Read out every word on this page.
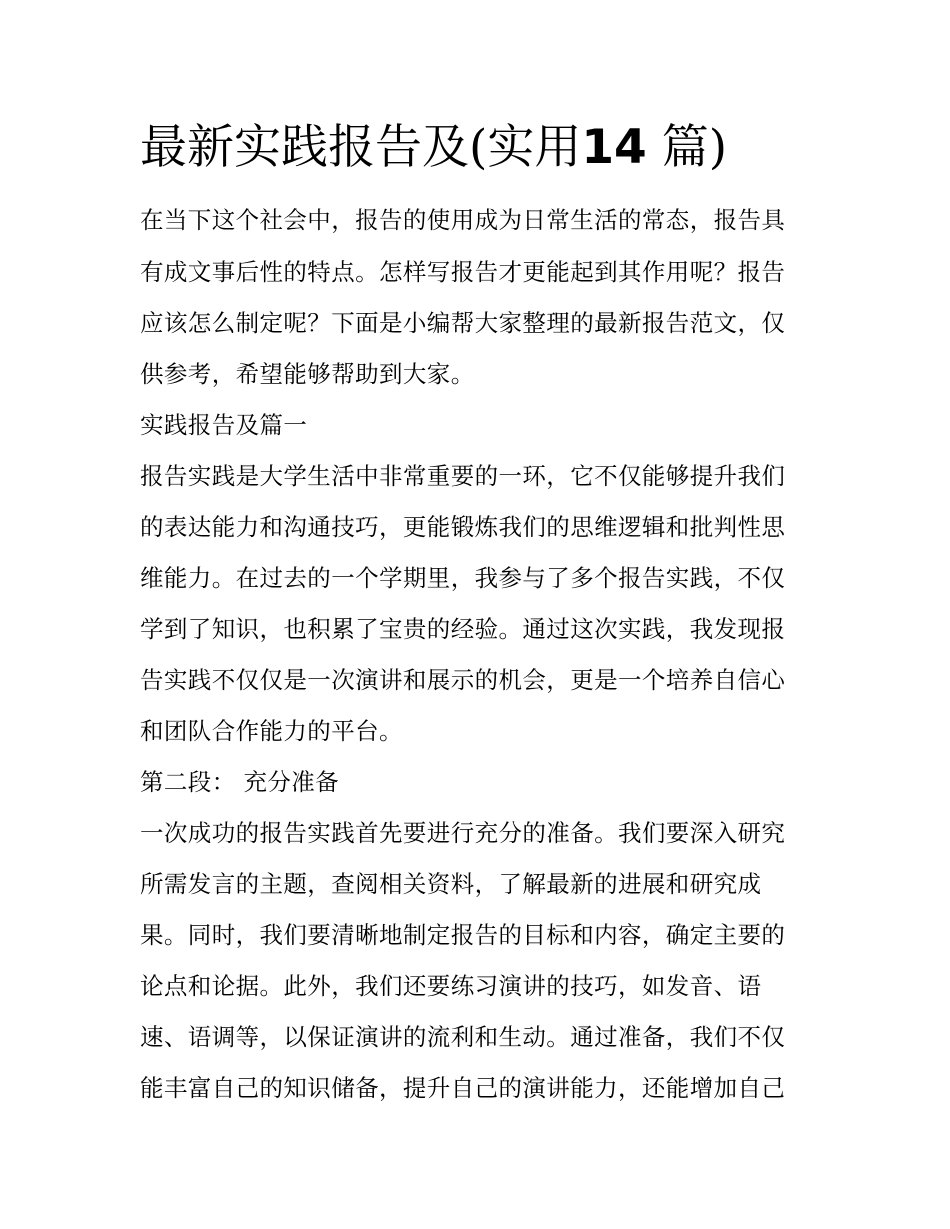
最新实践报告及(实用14 篇)

在当下这个社会中，报告的使用成为日常生活的常态，报告具

有成文事后性的特点。怎样写报告才更能起到其作用呢？报告

应该怎么制定呢？下面是小编帮大家整理的最新报告范文，仅

供参考，希望能够帮助到大家。

实践报告及篇一

报告实践是大学生活中非常重要的一环，它不仅能够提升我们

的表达能力和沟通技巧，更能锻炼我们的思维逻辑和批判性思

维能力。在过去的一个学期里，我参与了多个报告实践，不仅

学到了知识，也积累了宝贵的经验。通过这次实践，我发现报

告实践不仅仅是一次演讲和展示的机会，更是一个培养自信心

和团队合作能力的平台。

第二段： 充分准备

一次成功的报告实践首先要进行充分的准备。我们要深入研究

所需发言的主题，查阅相关资料，了解最新的进展和研究成

果。同时，我们要清晰地制定报告的目标和内容，确定主要的

论点和论据。此外，我们还要练习演讲的技巧，如发音、语

速、语调等，以保证演讲的流利和生动。通过准备，我们不仅

能丰富自己的知识储备，提升自己的演讲能力，还能增加自己
